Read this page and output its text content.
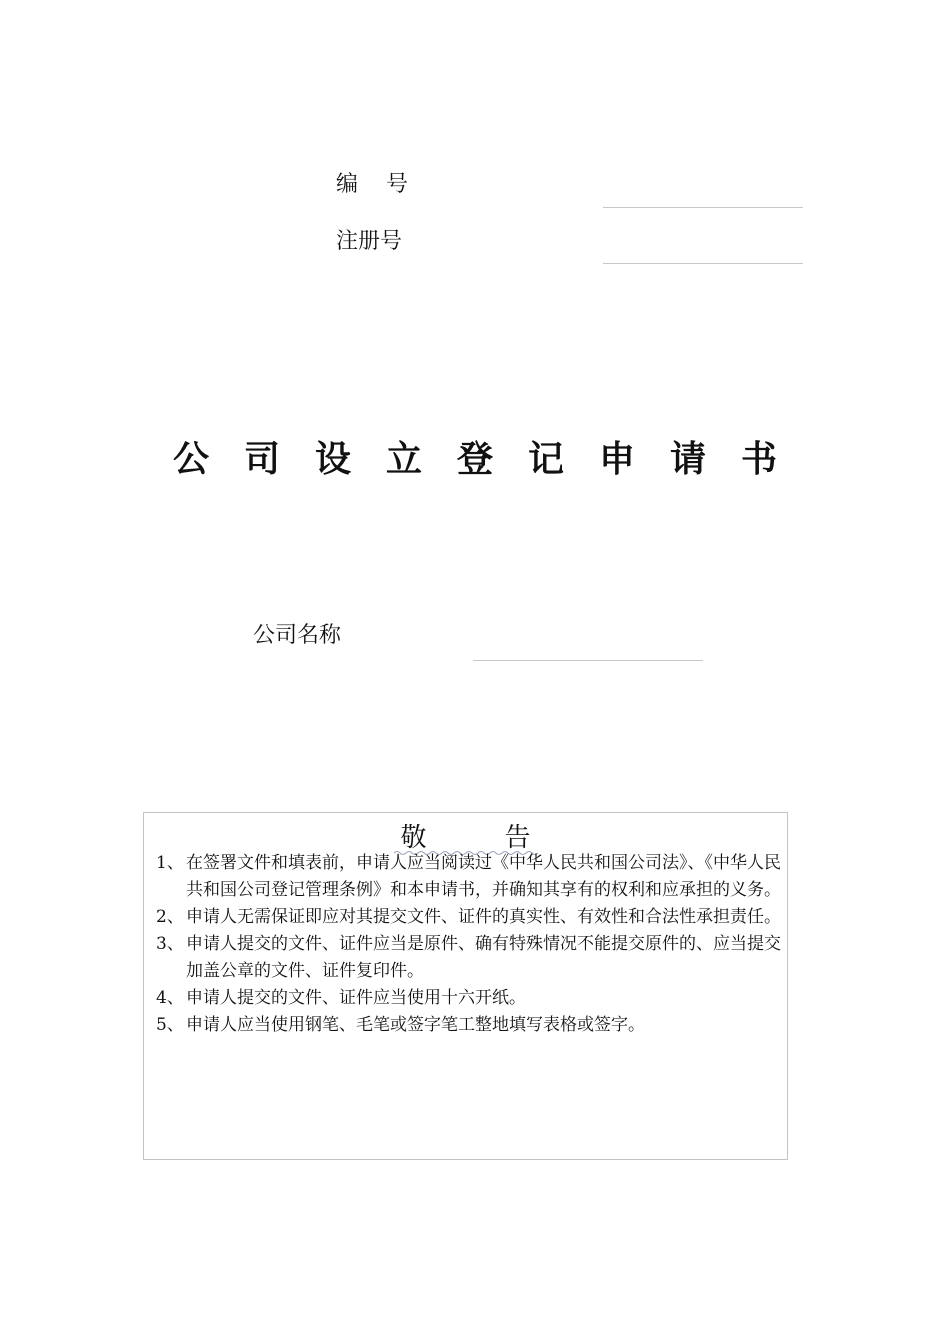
编    号
注册号
公司设立登记申请书
公司名称
敬	告
1、 在签署文件和填表前，申请人应当阅读过《中华人民共和国公司法》、《中华人民共和国公司登记管理条例》和本申请书，并确知其享有的权利和应承担的义务。
2、 申请人无需保证即应对其提交文件、证件的真实性、有效性和合法性承担责任。
3、 申请人提交的文件、证件应当是原件、确有特殊情况不能提交原件的、应当提交加盖公章的文件、证件复印件。
4、 申请人提交的文件、证件应当使用十六开纸。
5、 申请人应当使用钢笔、毛笔或签字笔工整地填写表格或签字。
